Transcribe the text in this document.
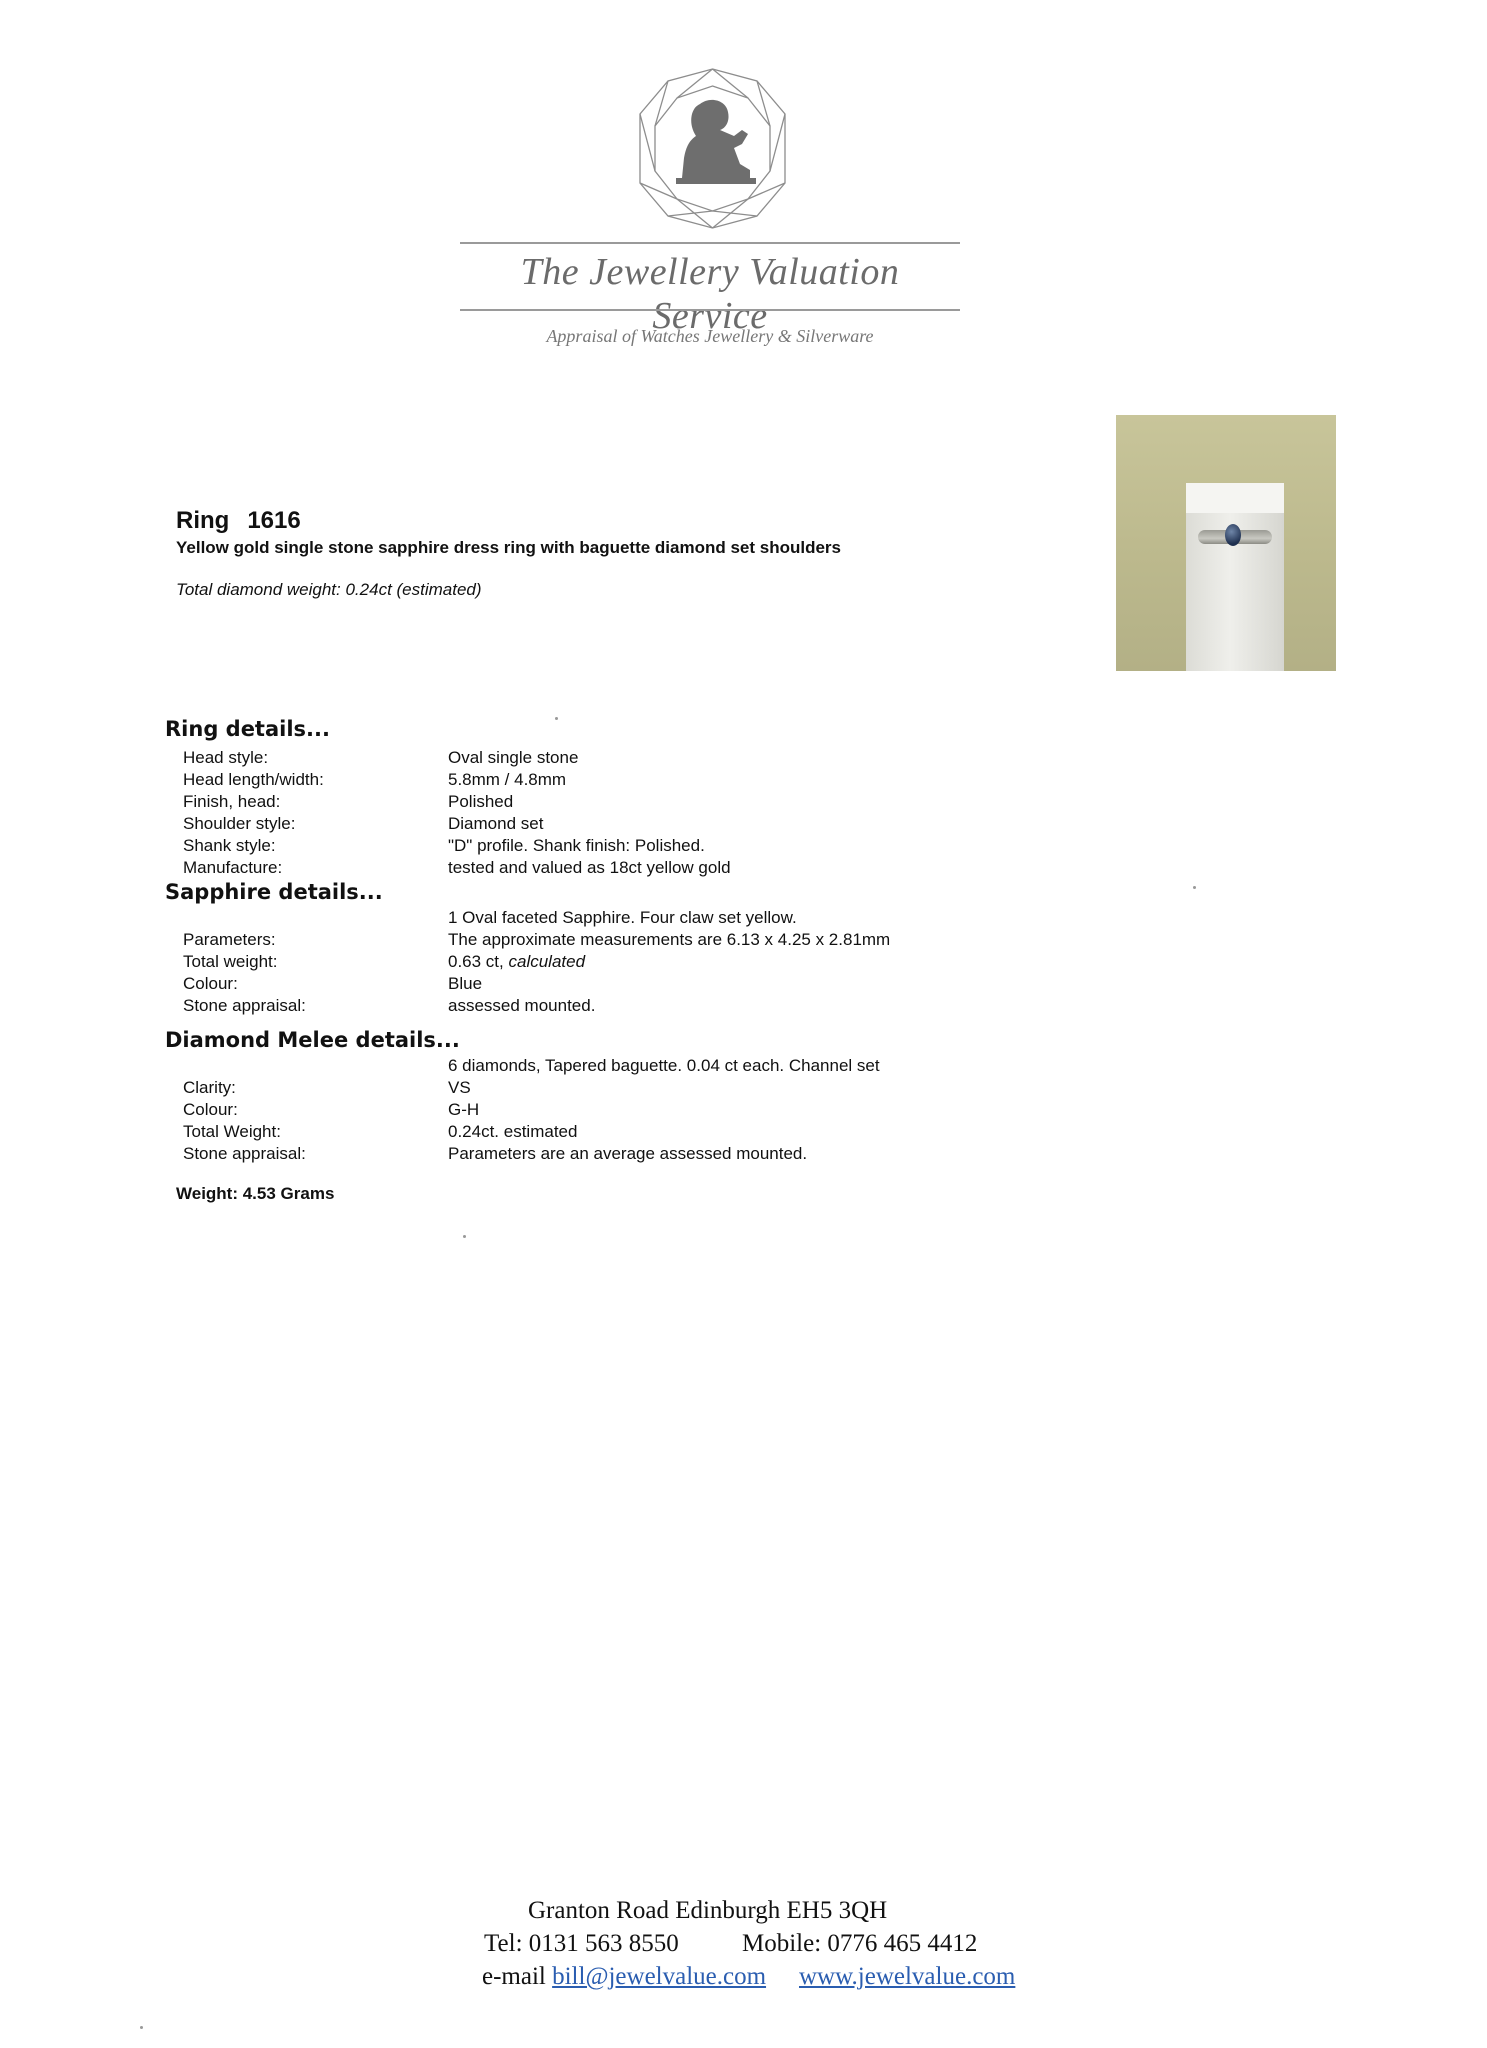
The Jewellery Valuation Service
Appraisal of Watches Jewellery & Silverware
Ring 1616
Yellow gold single stone sapphire dress ring with baguette diamond set shoulders
Total diamond weight: 0.24ct (estimated)
Ring details...
Head style:	Oval single stone
Head length/width:	5.8mm / 4.8mm
Finish, head:	Polished
Shoulder style:	Diamond set
Shank style:	"D" profile. Shank finish: Polished.
Manufacture:	tested and valued as 18ct yellow gold
Sapphire details...
1 Oval faceted Sapphire. Four claw set yellow.
Parameters:	The approximate measurements are 6.13 x 4.25 x 2.81mm
Total weight:	0.63 ct, calculated
Colour:	Blue
Stone appraisal:	assessed mounted.
Diamond Melee details...
6 diamonds, Tapered baguette. 0.04 ct each. Channel set
Clarity:	VS
Colour:	G-H
Total Weight:	0.24ct. estimated
Stone appraisal:	Parameters are an average assessed mounted.
Weight: 4.53 Grams
Granton Road Edinburgh EH5 3QH
Tel: 0131 563 8550	Mobile: 0776 465 4412
e-mail bill@jewelvalue.com www.jewelvalue.com
